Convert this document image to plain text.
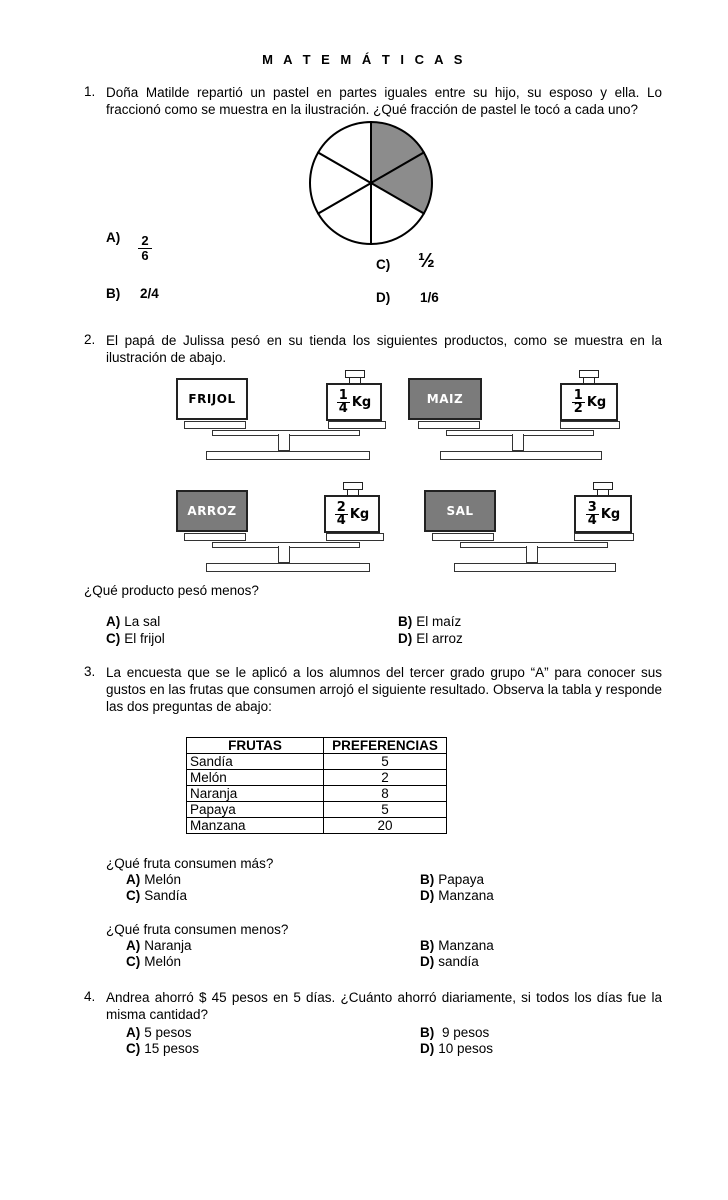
M A T E M Á T I C A S
1. Doña Matilde repartió un pastel en partes iguales entre su hijo, su esposo y ella. Lo fraccionó como se muestra en la ilustración. ¿Qué fracción de pastel le tocó a cada uno?
$A) \frac{2}{6}$
B) 2/4
C) ½
D) 1/6
2. El papá de Julissa pesó en su tienda los siguientes productos, como se muestra en la ilustración de abajo.
FRIJOL	$\frac{1}{4}$ Kg	MAIZ	$\frac{1}{2}$ Kg
ARROZ	$\frac{2}{4}$ Kg	SAL	$\frac{3}{4}$ Kg
¿Qué producto pesó menos?
A) La sal	B) El maíz
C) El frijol	D) El arroz
3. La encuesta que se le aplicó a los alumnos del tercer grado grupo “A” para conocer sus gustos en las frutas que consumen arrojó el siguiente resultado. Observa la tabla y responde las dos preguntas de abajo:
FRUTAS	PREFERENCIAS
Sandía	5
Melón	2
Naranja	8
Papaya	5
Manzana	20
¿Qué fruta consumen más?
A) Melón	B) Papaya
C) Sandía	D) Manzana
¿Qué fruta consumen menos?
A) Naranja	B) Manzana
C) Melón	D) sandía
4. Andrea ahorró $ 45 pesos en 5 días. ¿Cuánto ahorró diariamente, si todos los días fue la misma cantidad?
A) 5 pesos	B) 9 pesos
C) 15 pesos	D) 10 pesos
